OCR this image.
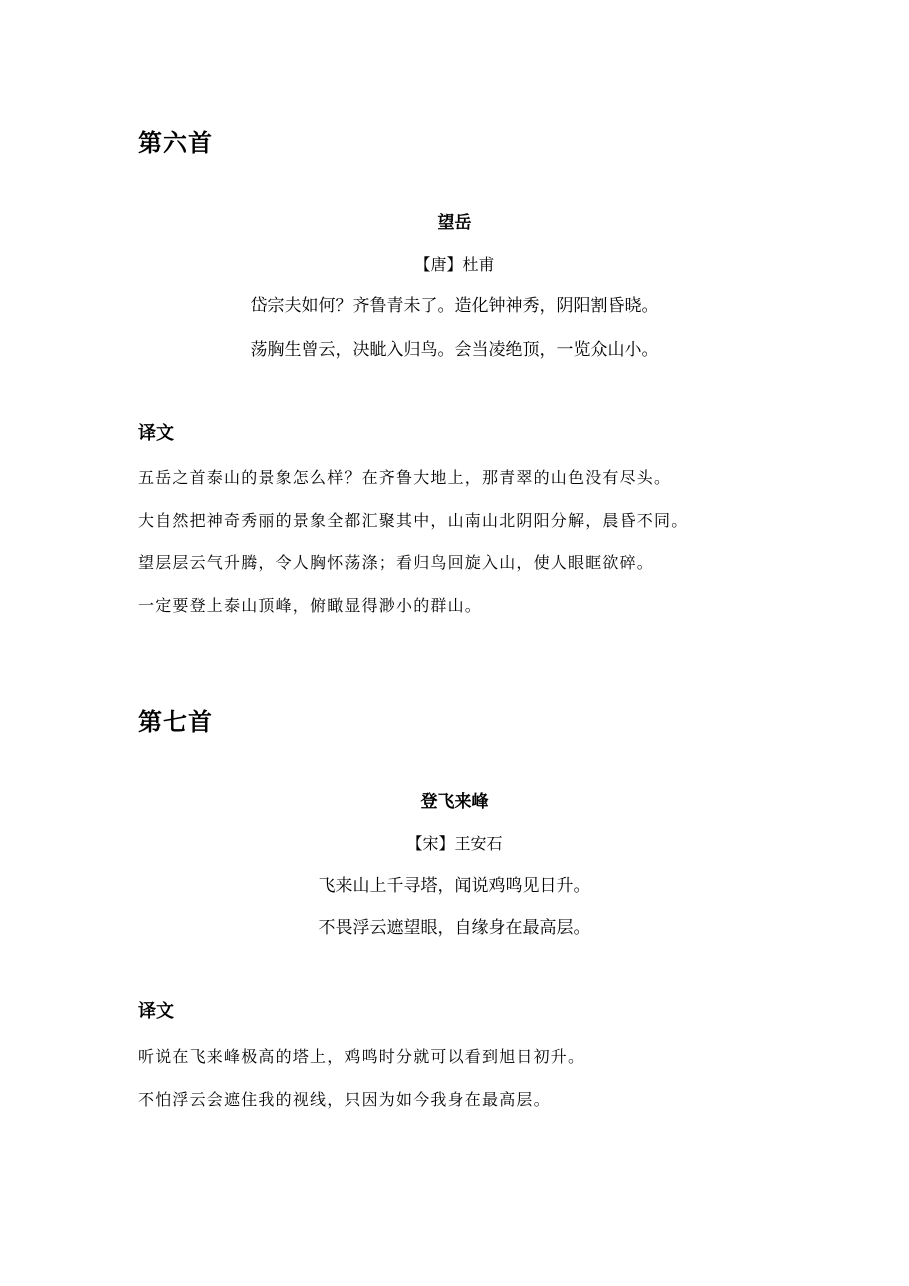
第六首
望岳
【唐】杜甫
岱宗夫如何？齐鲁青未了。造化钟神秀，阴阳割昏晓。
荡胸生曾云，决眦入归鸟。会当凌绝顶，一览众山小。
译文
五岳之首泰山的景象怎么样？在齐鲁大地上，那青翠的山色没有尽头。
大自然把神奇秀丽的景象全都汇聚其中，山南山北阴阳分解，晨昏不同。
望层层云气升腾，令人胸怀荡涤；看归鸟回旋入山，使人眼眶欲碎。
一定要登上泰山顶峰，俯瞰显得渺小的群山。
第七首
登飞来峰
【宋】王安石
飞来山上千寻塔，闻说鸡鸣见日升。
不畏浮云遮望眼，自缘身在最高层。
译文
听说在飞来峰极高的塔上，鸡鸣时分就可以看到旭日初升。
不怕浮云会遮住我的视线，只因为如今我身在最高层。
